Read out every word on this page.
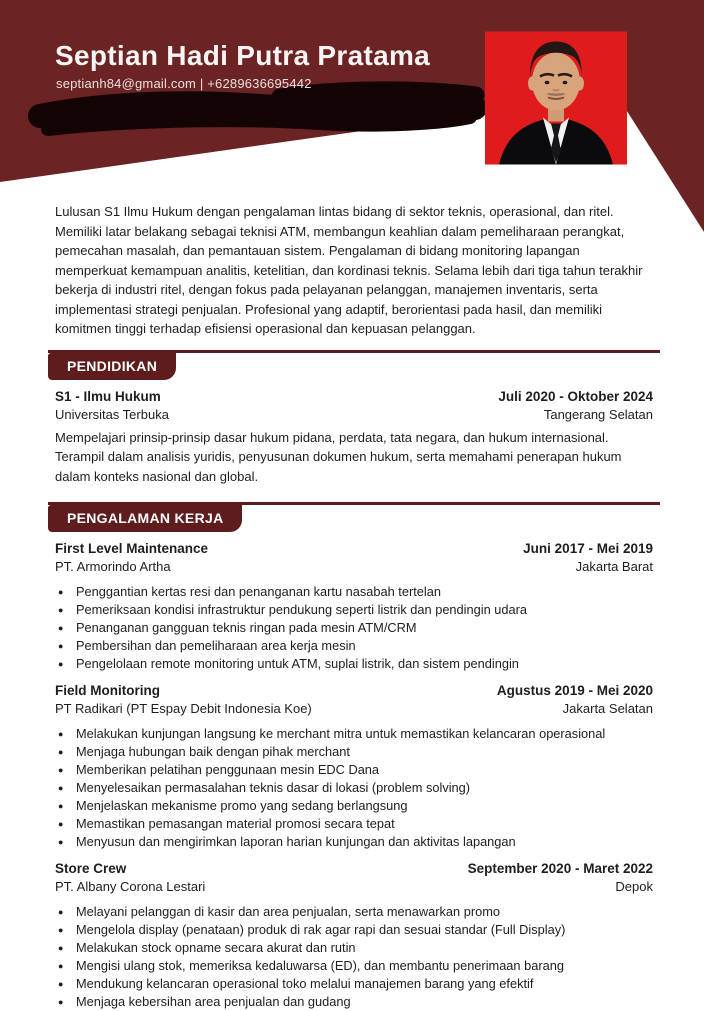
Septian Hadi Putra Pratama
septianh84@gmail.com | +6289636695442

Lulusan S1 Ilmu Hukum dengan pengalaman lintas bidang di sektor teknis, operasional, dan ritel. Memiliki latar belakang sebagai teknisi ATM, membangun keahlian dalam pemeliharaan perangkat, pemecahan masalah, dan pemantauan sistem. Pengalaman di bidang monitoring lapangan memperkuat kemampuan analitis, ketelitian, dan kordinasi teknis. Selama lebih dari tiga tahun terakhir bekerja di industri ritel, dengan fokus pada pelayanan pelanggan, manajemen inventaris, serta implementasi strategi penjualan. Profesional yang adaptif, berorientasi pada hasil, dan memiliki komitmen tinggi terhadap efisiensi operasional dan kepuasan pelanggan.

PENDIDIKAN
S1 - Ilmu Hukum	Juli 2020 - Oktober 2024
Universitas Terbuka	Tangerang Selatan

Mempelajari prinsip-prinsip dasar hukum pidana, perdata, tata negara, dan hukum internasional. Terampil dalam analisis yuridis, penyusunan dokumen hukum, serta memahami penerapan hukum dalam konteks nasional dan global.

PENGALAMAN KERJA
First Level Maintenance	Juni 2017 - Mei 2019
PT. Armorindo Artha	Jakarta Barat
● Penggantian kertas resi dan penanganan kartu nasabah tertelan
● Pemeriksaan kondisi infrastruktur pendukung seperti listrik dan pendingin udara
● Penanganan gangguan teknis ringan pada mesin ATM/CRM
● Pembersihan dan pemeliharaan area kerja mesin
● Pengelolaan remote monitoring untuk ATM, suplai listrik, dan sistem pendingin
Field Monitoring	Agustus 2019 - Mei 2020
PT Radikari (PT Espay Debit Indonesia Koe)	Jakarta Selatan
● Melakukan kunjungan langsung ke merchant mitra untuk memastikan kelancaran operasional
● Menjaga hubungan baik dengan pihak merchant
● Memberikan pelatihan penggunaan mesin EDC Dana
● Menyelesaikan permasalahan teknis dasar di lokasi (problem solving)
● Menjelaskan mekanisme promo yang sedang berlangsung
● Memastikan pemasangan material promosi secara tepat
● Menyusun dan mengirimkan laporan harian kunjungan dan aktivitas lapangan
Store Crew	September 2020 - Maret 2022
PT. Albany Corona Lestari	Depok
● Melayani pelanggan di kasir dan area penjualan, serta menawarkan promo
● Mengelola display (penataan) produk di rak agar rapi dan sesuai standar (Full Display)
● Melakukan stock opname secara akurat dan rutin
● Mengisi ulang stok, memeriksa kedaluwarsa (ED), dan membantu penerimaan barang
● Mendukung kelancaran operasional toko melalui manajemen barang yang efektif
● Menjaga kebersihan area penjualan dan gudang
